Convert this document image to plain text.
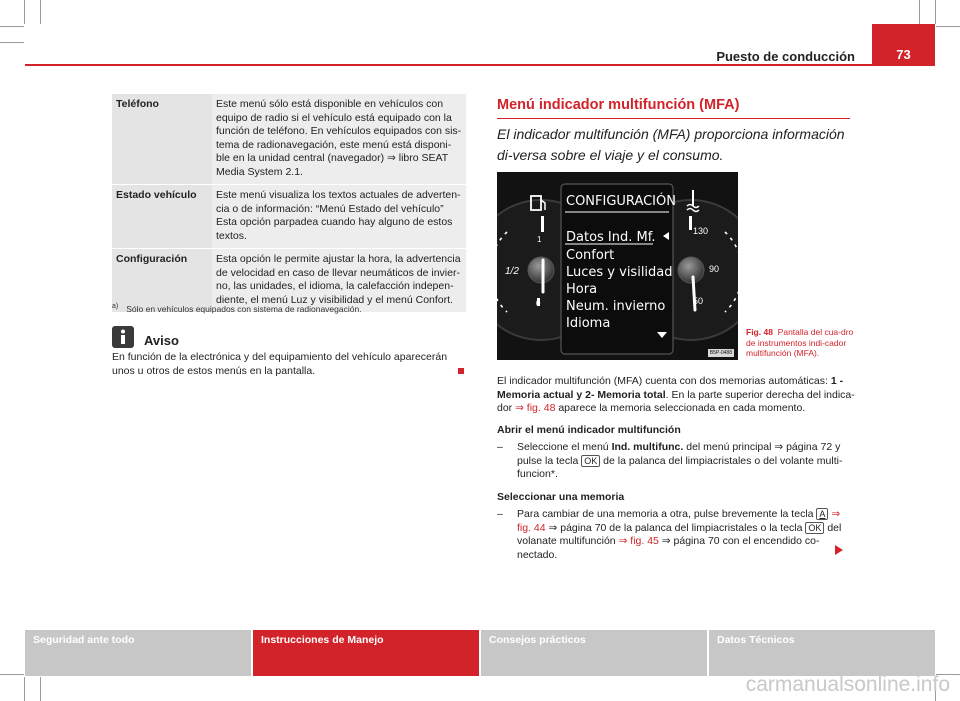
Puesto de conducción	73
Teléfono	Este menú sólo está disponible en vehículos con equipo de radio si el vehículo está equipado con la función de teléfono. En vehículos equipados con sis-tema de radionavegación, este menú está disponi-ble en la unidad central (navegador) ⇒ libro SEAT Media System 2.1.
Estado vehículo	Este menú visualiza los textos actuales de adverten-cia o de información: “Menú Estado del vehículo” Esta opción parpadea cuando hay alguno de estos textos.
Configuración	Esta opción le permite ajustar la hora, la advertencia de velocidad en caso de llevar neumáticos de invier-no, las unidades, el idioma, la calefacción indepen-diente, el menú Luz y visibilidad y el menú Confort.
$^{a)}$ Sólo en vehículos equipados con sistema de radionavegación.
Aviso
En función de la electrónica y del equipamiento del vehículo aparecerán unos u otros de estos menús en la pantalla.
Menú indicador multifunción (MFA)
El indicador multifunción (MFA) proporciona información di-versa sobre el viaje y el consumo.
1
1/2
0
130
90
50
CONFIGURACIÓN
Datos Ind. Mf.
Confort
Luces y visilidad
Hora
Neum. invierno
Idioma
B5P-0488
Fig. 48 Pantalla del cua-dro de instrumentos indi-cador multifunción (MFA).
El indicador multifunción (MFA) cuenta con dos memorias automáticas: 1 - Memoria actual y 2- Memoria total. En la parte superior derecha del indica-dor ⇒ fig. 48 aparece la memoria seleccionada en cada momento.
Abrir el menú indicador multifunción
– Seleccione el menú Ind. multifunc. del menú principal ⇒ página 72 y pulse la tecla OK de la palanca del limpiacristales o del volante multi-funcion*.
Seleccionar una memoria
– Para cambiar de una memoria a otra, pulse brevemente la tecla A ⇒ fig. 44 ⇒ página 70 de la palanca del limpiacristales o la tecla OK del volanate multifunción ⇒ fig. 45 ⇒ página 70 con el encendido co-nectado.
Seguridad ante todo	Instrucciones de Manejo	Consejos prácticos	Datos Técnicos
carmanualsonline.info
